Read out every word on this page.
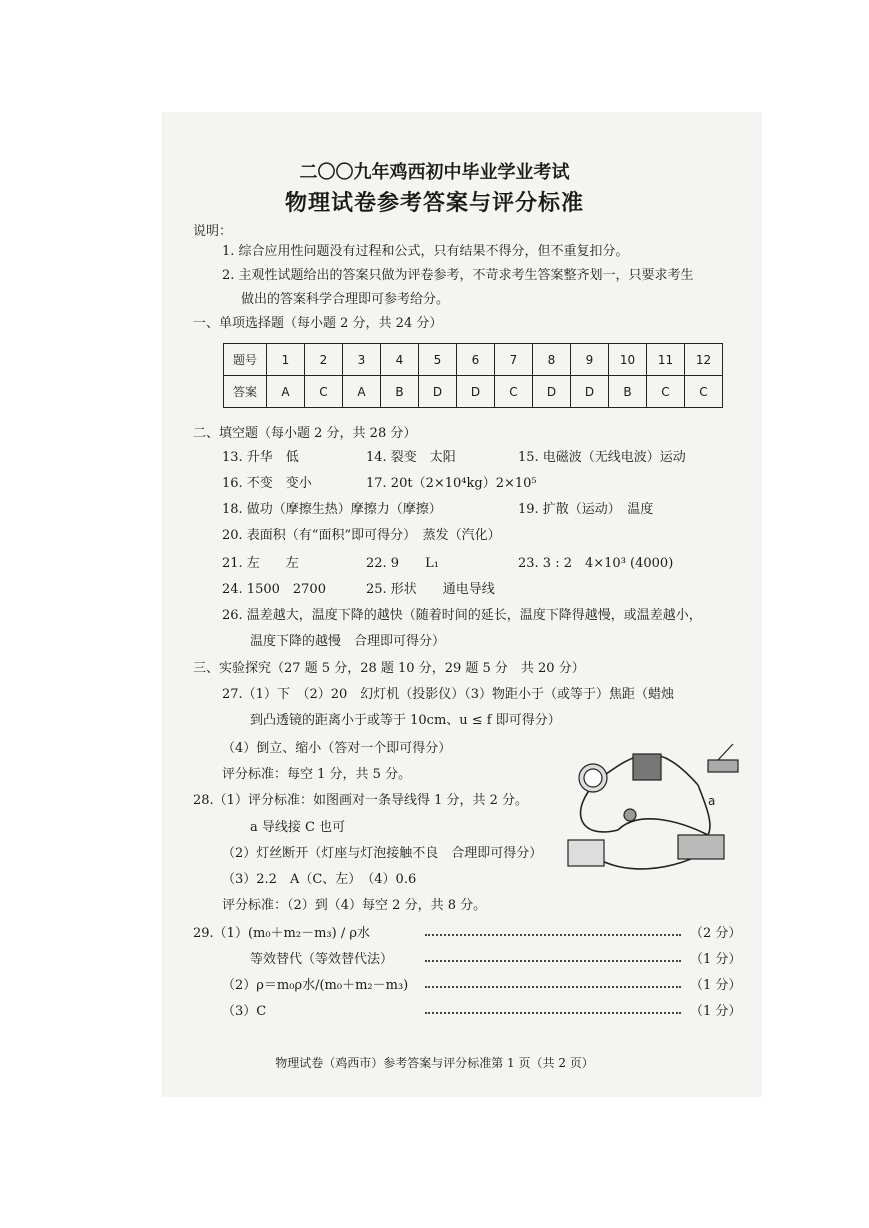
二〇〇九年鸡西初中毕业学业考试
物理试卷参考答案与评分标准
说明：
1. 综合应用性问题没有过程和公式，只有结果不得分，但不重复扣分。
2. 主观性试题给出的答案只做为评卷参考，不苛求考生答案整齐划一，只要求考生
做出的答案科学合理即可参考给分。
一、单项选择题（每小题 2 分，共 24 分）
题号	1	2	3	4	5	6	7	8	9	10	11	12
答案	A	C	A	B	D	D	C	D	D	B	C	C
二、填空题（每小题 2 分，共 28 分）
13. 升华　低	14. 裂变　太阳	15. 电磁波（无线电波）运动
16. 不变　变小	17. 20t（2×10⁴kg）2×10⁵
18. 做功（摩擦生热）摩擦力（摩擦）	19. 扩散（运动）　温度
20. 表面积（有“面积”即可得分）　蒸发（汽化）
21. 左　　左	22. 9　　L₁	23. 3 : 2　4×10³ (4000)
24. 1500　2700	25. 形状　　通电导线
26. 温差越大，温度下降的越快（随着时间的延长，温度下降得越慢，或温差越小，
温度下降的越慢　合理即可得分）
三、实验探究（27 题 5 分，28 题 10 分，29 题 5 分　共 20 分）
27.（1）下　（2）20　幻灯机（投影仪）（3）物距小于（或等于）焦距（蜡烛
到凸透镜的距离小于或等于 10cm、u ≤ f 即可得分）
（4）倒立、缩小（答对一个即可得分）
评分标准：每空 1 分，共 5 分。
28.（1）评分标准：如图画对一条导线得 1 分，共 2 分。
a 导线接 C 也可
（2）灯丝断开（灯座与灯泡接触不良　合理即可得分）
（3）2.2　A（C、左）　（4）0.6
评分标准：（2）到（4）每空 2 分，共 8 分。
a
29.（1）(m₀＋m₂－m₃) / ρ水	（2 分）
等效替代（等效替代法）	（1 分）
（2）ρ＝m₀ρ水/(m₀＋m₂－m₃)	（1 分）
（3）C	（1 分）
物理试卷（鸡西市）参考答案与评分标准第 1 页（共 2 页）
